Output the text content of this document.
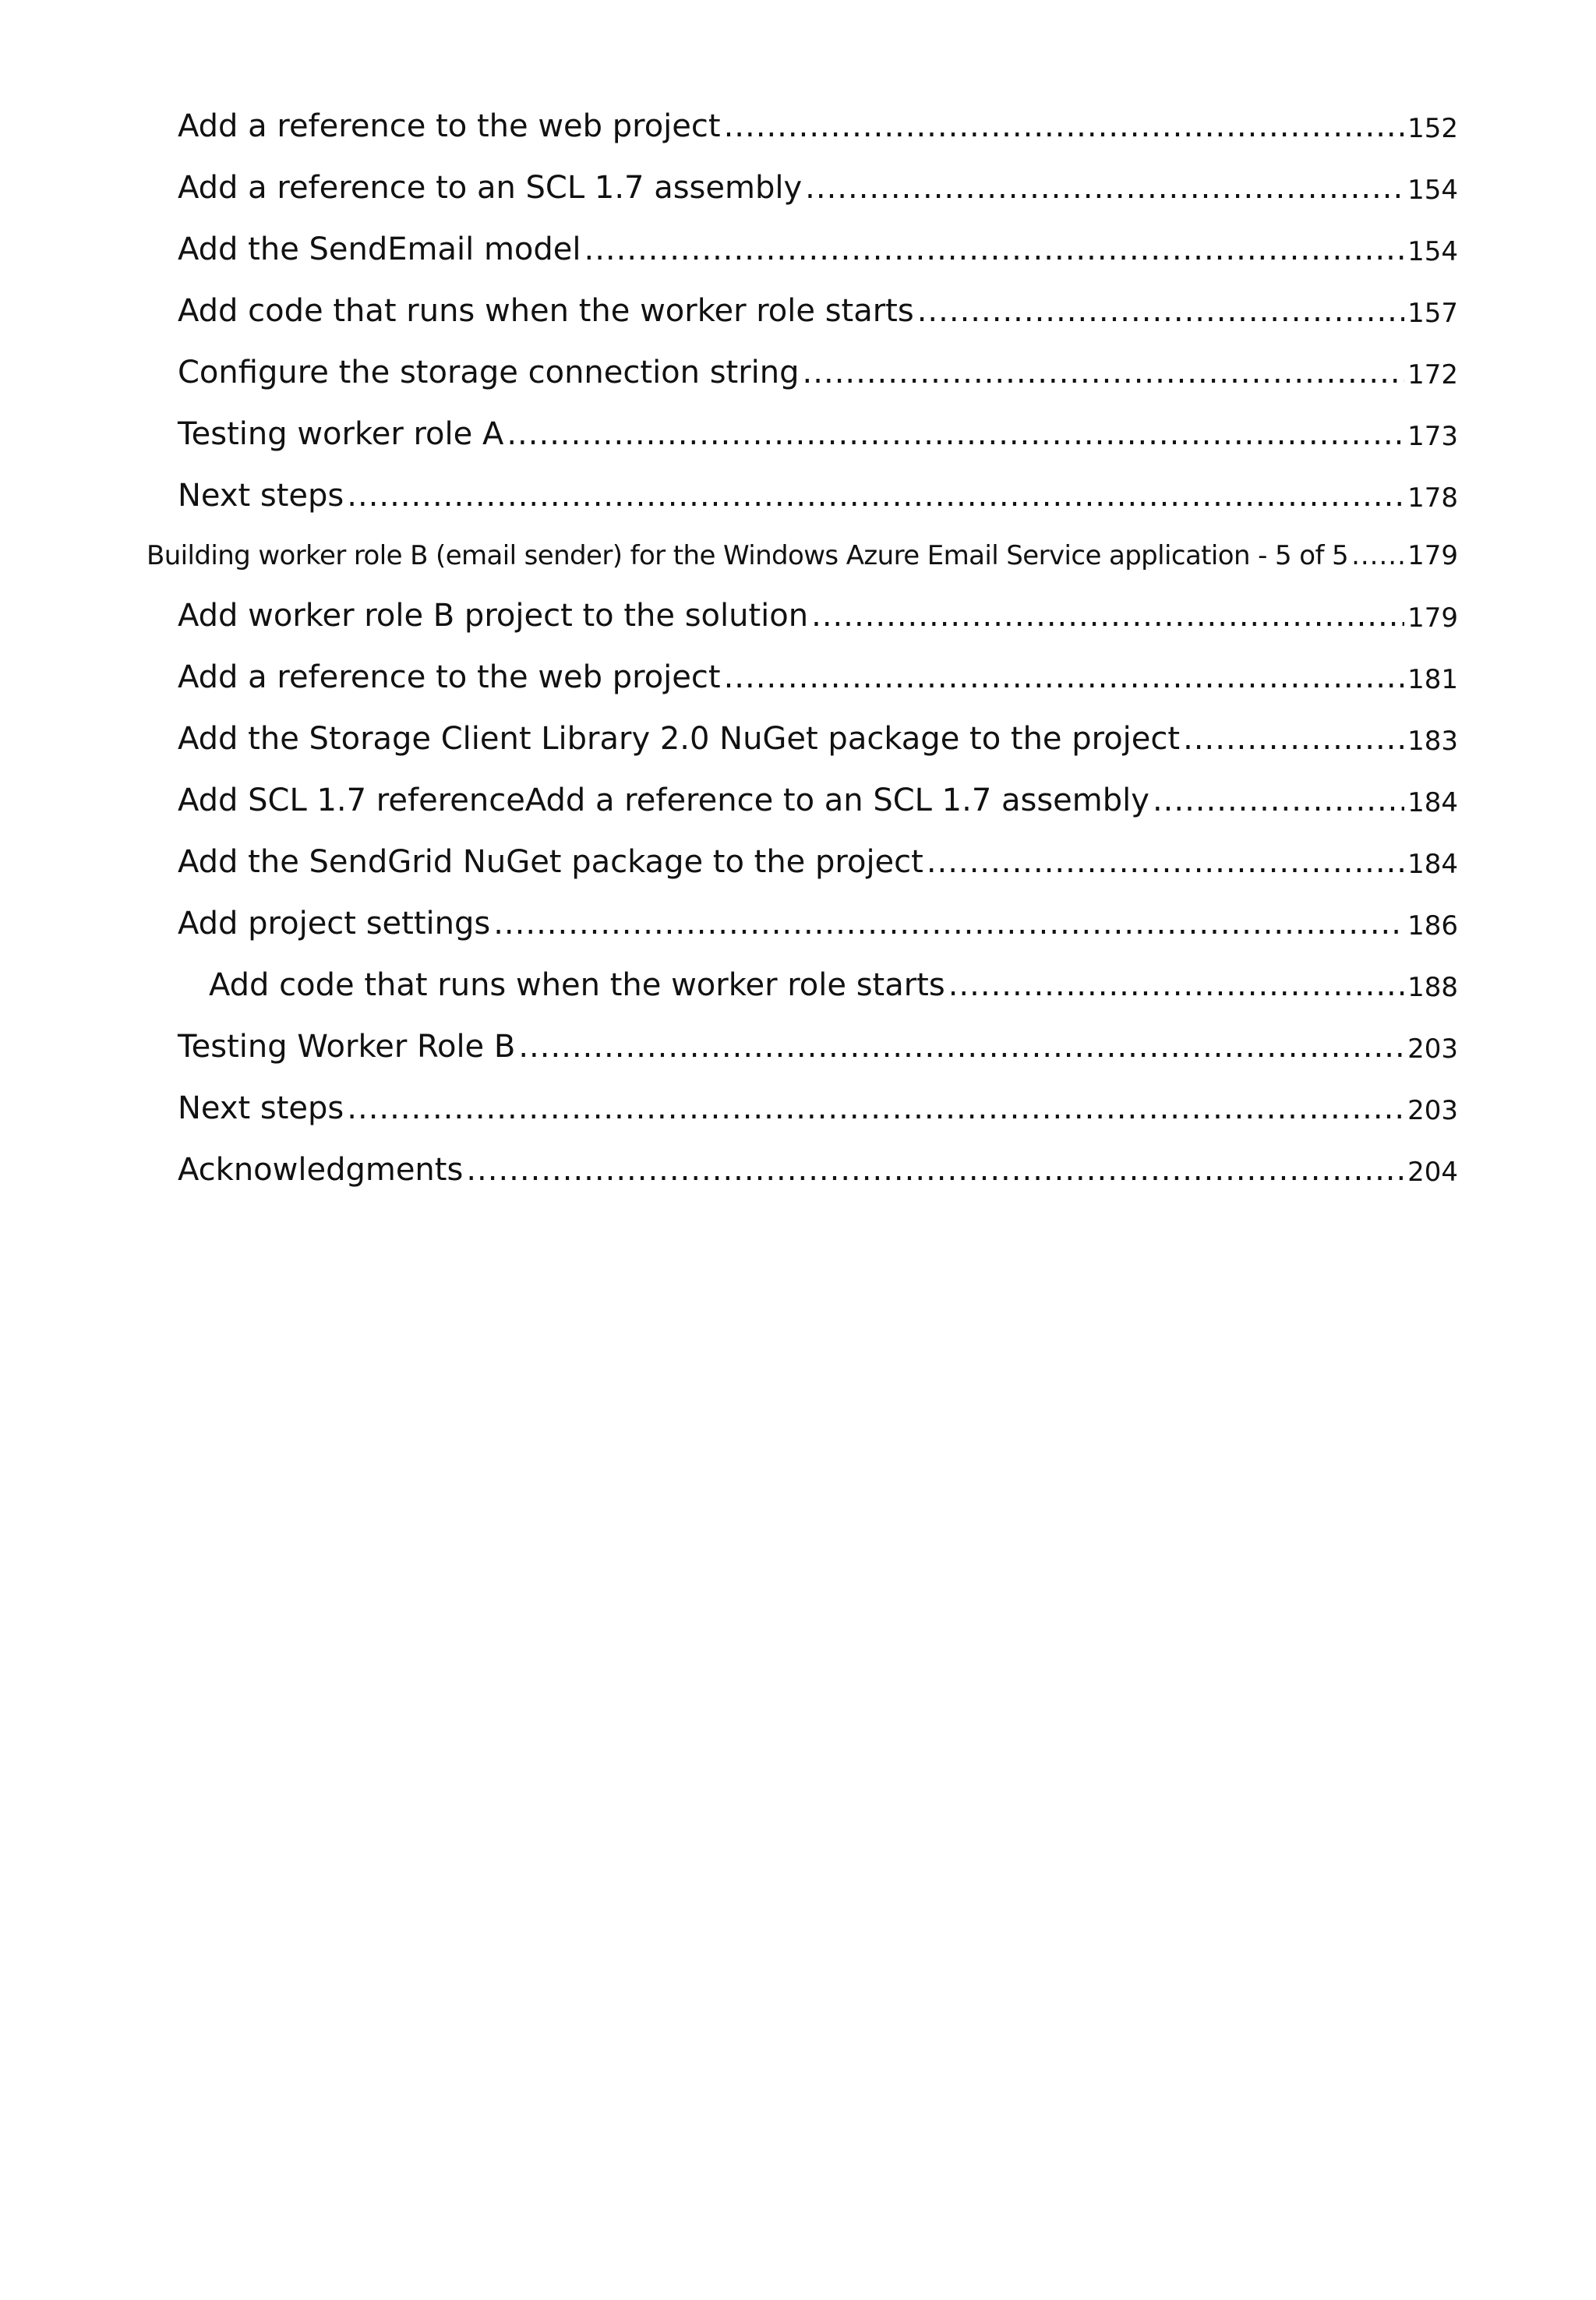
Add a reference to the web project .....	152
Add a reference to an SCL 1.7 assembly .....	154
Add the SendEmail model .....	154
Add code that runs when the worker role starts .....	157
Configure the storage connection string .....	172
Testing worker role A .....	173
Next steps .....	178
Building worker role B (email sender) for the Windows Azure Email Service application - 5 of 5 ..... 179
Add worker role B project to the solution .....	179
Add a reference to the web project .....	181
Add the Storage Client Library 2.0 NuGet package to the project .....	183
Add SCL 1.7 referenceAdd a reference to an SCL 1.7 assembly .....	184
Add the SendGrid NuGet package to the project .....	184
Add project settings .....	186
Add code that runs when the worker role starts .....	188
Testing Worker Role B .....	203
Next steps .....	203
Acknowledgments .....	204
